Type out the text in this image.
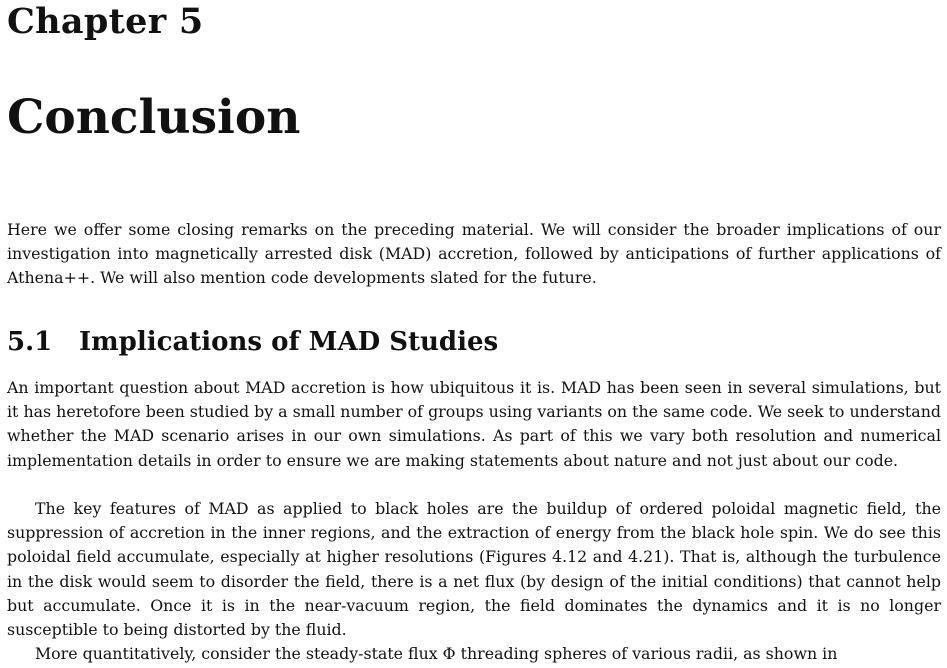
Chapter 5
Conclusion

Here we offer some closing remarks on the preceding material. We will consider the broader implications of our investigation into magnetically arrested disk (MAD) accretion, followed by anticipations of further applications of Athena++. We will also mention code developments slated for the future.

5.1 Implications of MAD Studies

An important question about MAD accretion is how ubiquitous it is. MAD has been seen in several simulations, but it has heretofore been studied by a small number of groups using variants on the same code. We seek to understand whether the MAD scenario arises in our own simulations. As part of this we vary both resolution and numerical implementation details in order to ensure we are making statements about nature and not just about our code.

The key features of MAD as applied to black holes are the buildup of ordered poloidal magnetic field, the suppression of accretion in the inner regions, and the extraction of energy from the black hole spin. We do see this poloidal field accumulate, especially at higher resolutions (Figures 4.12 and 4.21). That is, although the turbulence in the disk would seem to disorder the field, there is a net flux (by design of the initial conditions) that cannot help but accumulate. Once it is in the near-vacuum region, the field dominates the dynamics and it is no longer susceptible to being distorted by the fluid.

More quantitatively, consider the steady-state flux Φ threading spheres of various radii, as shown in
